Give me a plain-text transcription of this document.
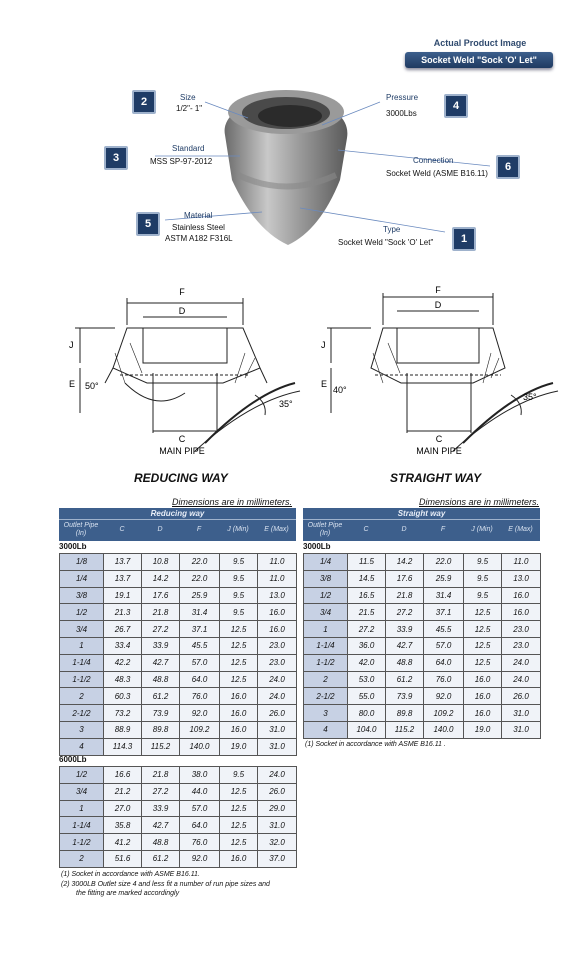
Actual Product Image
Socket Weld "Sock 'O' Let"
2	Size
1/2"- 1"	4
Pressure
3000Lbs
3
Standard
MSS SP-97-2012	6
Connection
Socket Weld (ASME B16.11)
5
Material
Stainless Steel
ASTM A182 F316L	1
Type
Socket Weld "Sock 'O' Let"
F
D
J
E 50°
35°
C
MAIN PIPE
F
D
J
E
40°
35°
C
MAIN PIPE
REDUCING WAY	STRAIGHT WAY
Dimensions are in millimeters.
Reducing way
Outlet Pipe (In)
C	D	F	J (Min)	E (Max)
3000Lb
1/8	13.7	10.8	22.0	9.5	11.0
1/4	13.7	14.2	22.0	9.5	11.0
3/8	19.1	17.6	25.9	9.5	13.0
1/2	21.3	21.8	31.4	9.5	16.0
3/4	26.7	27.2	37.1	12.5	16.0
1	33.4	33.9	45.5	12.5	23.0
1-1/4	42.2	42.7	57.0	12.5	23.0
1-1/2	48.3	48.8	64.0	12.5	24.0
2	60.3	61.2	76.0	16.0	24.0
2-1/2	73.2	73.9	92.0	16.0	26.0
3	88.9	89.8	109.2	16.0	31.0
4	114.3	115.2	140.0	19.0	31.0
6000Lb
1/2	16.6	21.8	38.0	9.5	24.0
3/4	21.2	27.2	44.0	12.5	26.0
1	27.0	33.9	57.0	12.5	29.0
1-1/4	35.8	42.7	64.0	12.5	31.0
1-1/2	41.2	48.8	76.0	12.5	32.0
2	51.6	61.2	92.0	16.0	37.0
(1) Socket in accordance with ASME B16.11.
(2) 3000LB Outlet size 4 and less fit a number of run pipe sizes and
the fitting are marked accordingly
Dimensions are in millimeters.
Straight way
Outlet Pipe (In)
C	D	F	J (Min)	E (Max)
3000Lb
1/4	11.5	14.2	22.0	9.5	11.0
3/8	14.5	17.6	25.9	9.5	13.0
1/2	16.5	21.8	31.4	9.5	16.0
3/4	21.5	27.2	37.1	12.5	16.0
1	27.2	33.9	45.5	12.5	23.0
1-1/4	36.0	42.7	57.0	12.5	23.0
1-1/2	42.0	48.8	64.0	12.5	24.0
2	53.0	61.2	76.0	16.0	24.0
2-1/2	55.0	73.9	92.0	16.0	26.0
3	80.0	89.8	109.2	16.0	31.0
4	104.0	115.2	140.0	19.0	31.0
(1) Socket in accordance with ASME B16.11 .
